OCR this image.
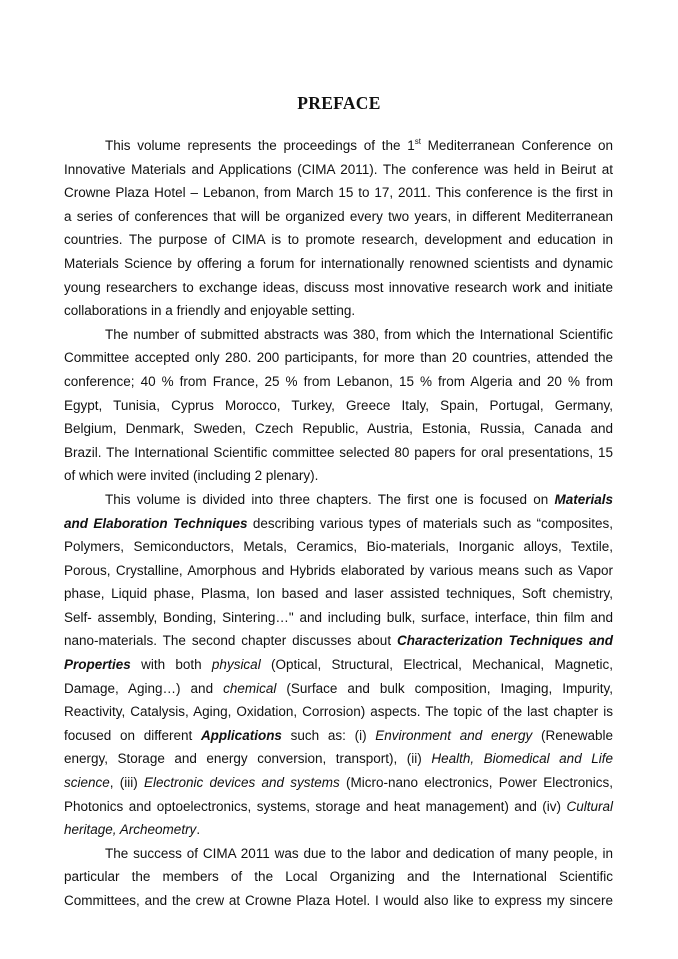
PREFACE
This volume represents the proceedings of the 1st Mediterranean Conference on
Innovative Materials and Applications (CIMA 2011). The conference was held in Beirut at
Crowne Plaza Hotel – Lebanon, from March 15 to 17, 2011. This conference is the first in
a series of conferences that will be organized every two years, in different Mediterranean
countries. The purpose of CIMA is to promote research, development and education in
Materials Science by offering a forum for internationally renowned scientists and dynamic
young researchers to exchange ideas, discuss most innovative research work and initiate
collaborations in a friendly and enjoyable setting.
The number of submitted abstracts was 380, from which the International Scientific
Committee accepted only 280. 200 participants, for more than 20 countries, attended the
conference; 40 % from France, 25 % from Lebanon, 15 % from Algeria and 20 % from
Egypt, Tunisia, Cyprus Morocco, Turkey, Greece Italy, Spain, Portugal, Germany,
Belgium, Denmark, Sweden, Czech Republic, Austria, Estonia, Russia, Canada and
Brazil. The International Scientific committee selected 80 papers for oral presentations, 15
of which were invited (including 2 plenary).
This volume is divided into three chapters. The first one is focused on Materials
and Elaboration Techniques describing various types of materials such as “composites,
Polymers, Semiconductors, Metals, Ceramics, Bio-materials, Inorganic alloys, Textile,
Porous, Crystalline, Amorphous and Hybrids elaborated by various means such as Vapor
phase, Liquid phase, Plasma, Ion based and laser assisted techniques, Soft chemistry,
Self- assembly, Bonding, Sintering…" and including bulk, surface, interface, thin film and
nano-materials. The second chapter discusses about Characterization Techniques and
Properties with both physical (Optical, Structural, Electrical, Mechanical, Magnetic,
Damage, Aging…) and chemical (Surface and bulk composition, Imaging, Impurity,
Reactivity, Catalysis, Aging, Oxidation, Corrosion) aspects. The topic of the last chapter is
focused on different Applications such as: (i) Environment and energy (Renewable
energy, Storage and energy conversion, transport), (ii) Health, Biomedical and Life
science, (iii) Electronic devices and systems (Micro-nano electronics, Power Electronics,
Photonics and optoelectronics, systems, storage and heat management) and (iv) Cultural
heritage, Archeometry.
The success of CIMA 2011 was due to the labor and dedication of many people, in
particular the members of the Local Organizing and the International Scientific
Committees, and the crew at Crowne Plaza Hotel. I would also like to express my sincere
